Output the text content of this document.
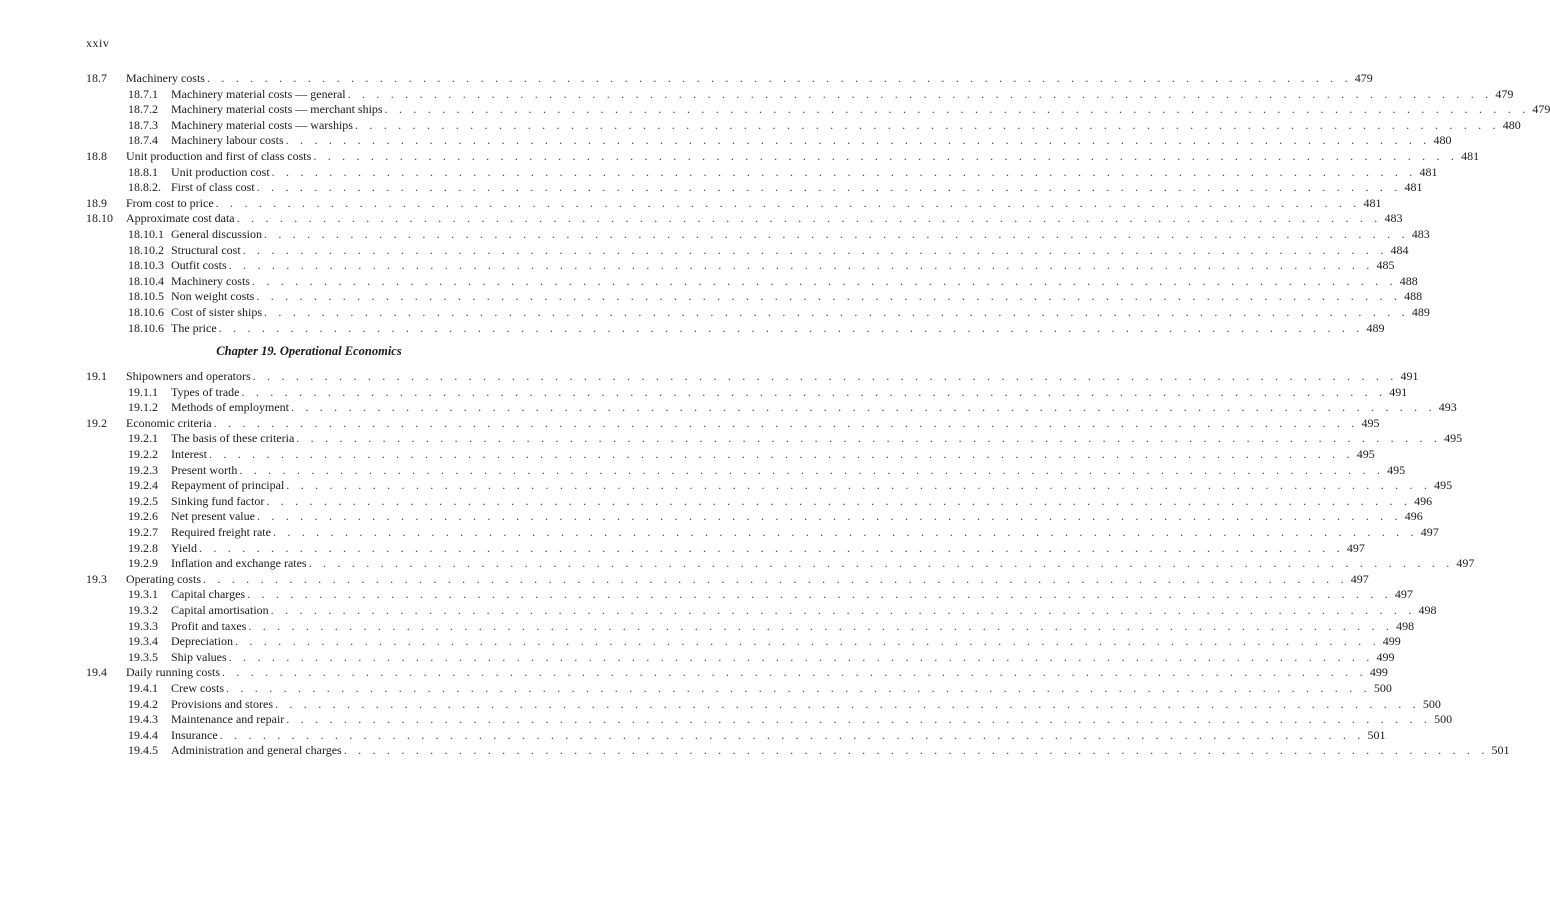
xxiv
18.7 Machinery costs . . . . . . . . . . . . . . . . . . . . . . . . . . . . . . . . . . . . . . . . . . . . . . . . . . . . . . . . . . . . . . . . . . . . . . . . . . . . . . . . 479
18.7.1 Machinery material costs — general . . . . . . . . . . . . . . . . . . . . . . . . . . . . . . . . . . . . . . . . . . . . . . . . . . . . . . . . . . . . . . . . . . . . . . . . . . . . . . . . 479
18.7.2 Machinery material costs — merchant ships . . . . . . . . . . . . . . . . . . . . . . . . . . . . . . . . . . . . . . . . . . . . . . . . . . . . . . . . . . . . . . . . . . . . . . . . . . . . . . . . 479
18.7.3 Machinery material costs — warships . . . . . . . . . . . . . . . . . . . . . . . . . . . . . . . . . . . . . . . . . . . . . . . . . . . . . . . . . . . . . . . . . . . . . . . . . . . . . . . . 480
18.7.4 Machinery labour costs . . . . . . . . . . . . . . . . . . . . . . . . . . . . . . . . . . . . . . . . . . . . . . . . . . . . . . . . . . . . . . . . . . . . . . . . . . . . . . . . 480
18.8 Unit production and first of class costs . . . . . . . . . . . . . . . . . . . . . . . . . . . . . . . . . . . . . . . . . . . . . . . . . . . . . . . . . . . . . . . . . . . . . . . . . . . . . . . . 481
18.8.1 Unit production cost . . . . . . . . . . . . . . . . . . . . . . . . . . . . . . . . . . . . . . . . . . . . . . . . . . . . . . . . . . . . . . . . . . . . . . . . . . . . . . . . 481
18.8.2. First of class cost . . . . . . . . . . . . . . . . . . . . . . . . . . . . . . . . . . . . . . . . . . . . . . . . . . . . . . . . . . . . . . . . . . . . . . . . . . . . . . . . 481
18.9 From cost to price . . . . . . . . . . . . . . . . . . . . . . . . . . . . . . . . . . . . . . . . . . . . . . . . . . . . . . . . . . . . . . . . . . . . . . . . . . . . . . . . 481
18.10 Approximate cost data . . . . . . . . . . . . . . . . . . . . . . . . . . . . . . . . . . . . . . . . . . . . . . . . . . . . . . . . . . . . . . . . . . . . . . . . . . . . . . . . 483
18.10.1 General discussion . . . . . . . . . . . . . . . . . . . . . . . . . . . . . . . . . . . . . . . . . . . . . . . . . . . . . . . . . . . . . . . . . . . . . . . . . . . . . . . . 483
18.10.2 Structural cost . . . . . . . . . . . . . . . . . . . . . . . . . . . . . . . . . . . . . . . . . . . . . . . . . . . . . . . . . . . . . . . . . . . . . . . . . . . . . . . . 484
18.10.3 Outfit costs . . . . . . . . . . . . . . . . . . . . . . . . . . . . . . . . . . . . . . . . . . . . . . . . . . . . . . . . . . . . . . . . . . . . . . . . . . . . . . . . 485
18.10.4 Machinery costs . . . . . . . . . . . . . . . . . . . . . . . . . . . . . . . . . . . . . . . . . . . . . . . . . . . . . . . . . . . . . . . . . . . . . . . . . . . . . . . . 488
18.10.5 Non weight costs . . . . . . . . . . . . . . . . . . . . . . . . . . . . . . . . . . . . . . . . . . . . . . . . . . . . . . . . . . . . . . . . . . . . . . . . . . . . . . . . 488
18.10.6 Cost of sister ships . . . . . . . . . . . . . . . . . . . . . . . . . . . . . . . . . . . . . . . . . . . . . . . . . . . . . . . . . . . . . . . . . . . . . . . . . . . . . . . . 489
18.10.6 The price . . . . . . . . . . . . . . . . . . . . . . . . . . . . . . . . . . . . . . . . . . . . . . . . . . . . . . . . . . . . . . . . . . . . . . . . . . . . . . . . 489
Chapter 19. Operational Economics
19.1 Shipowners and operators . . . . . . . . . . . . . . . . . . . . . . . . . . . . . . . . . . . . . . . . . . . . . . . . . . . . . . . . . . . . . . . . . . . . . . . . . . . . . . . . 491
19.1.1 Types of trade . . . . . . . . . . . . . . . . . . . . . . . . . . . . . . . . . . . . . . . . . . . . . . . . . . . . . . . . . . . . . . . . . . . . . . . . . . . . . . . . 491
19.1.2 Methods of employment . . . . . . . . . . . . . . . . . . . . . . . . . . . . . . . . . . . . . . . . . . . . . . . . . . . . . . . . . . . . . . . . . . . . . . . . . . . . . . . . 493
19.2 Economic criteria . . . . . . . . . . . . . . . . . . . . . . . . . . . . . . . . . . . . . . . . . . . . . . . . . . . . . . . . . . . . . . . . . . . . . . . . . . . . . . . . 495
19.2.1 The basis of these criteria . . . . . . . . . . . . . . . . . . . . . . . . . . . . . . . . . . . . . . . . . . . . . . . . . . . . . . . . . . . . . . . . . . . . . . . . . . . . . . . . 495
19.2.2 Interest . . . . . . . . . . . . . . . . . . . . . . . . . . . . . . . . . . . . . . . . . . . . . . . . . . . . . . . . . . . . . . . . . . . . . . . . . . . . . . . . 495
19.2.3 Present worth . . . . . . . . . . . . . . . . . . . . . . . . . . . . . . . . . . . . . . . . . . . . . . . . . . . . . . . . . . . . . . . . . . . . . . . . . . . . . . . . 495
19.2.4 Repayment of principal . . . . . . . . . . . . . . . . . . . . . . . . . . . . . . . . . . . . . . . . . . . . . . . . . . . . . . . . . . . . . . . . . . . . . . . . . . . . . . . . 495
19.2.5 Sinking fund factor . . . . . . . . . . . . . . . . . . . . . . . . . . . . . . . . . . . . . . . . . . . . . . . . . . . . . . . . . . . . . . . . . . . . . . . . . . . . . . . . 496
19.2.6 Net present value . . . . . . . . . . . . . . . . . . . . . . . . . . . . . . . . . . . . . . . . . . . . . . . . . . . . . . . . . . . . . . . . . . . . . . . . . . . . . . . . 496
19.2.7 Required freight rate . . . . . . . . . . . . . . . . . . . . . . . . . . . . . . . . . . . . . . . . . . . . . . . . . . . . . . . . . . . . . . . . . . . . . . . . . . . . . . . . 497
19.2.8 Yield . . . . . . . . . . . . . . . . . . . . . . . . . . . . . . . . . . . . . . . . . . . . . . . . . . . . . . . . . . . . . . . . . . . . . . . . . . . . . . . . 497
19.2.9 Inflation and exchange rates . . . . . . . . . . . . . . . . . . . . . . . . . . . . . . . . . . . . . . . . . . . . . . . . . . . . . . . . . . . . . . . . . . . . . . . . . . . . . . . . 497
19.3 Operating costs . . . . . . . . . . . . . . . . . . . . . . . . . . . . . . . . . . . . . . . . . . . . . . . . . . . . . . . . . . . . . . . . . . . . . . . . . . . . . . . . 497
19.3.1 Capital charges . . . . . . . . . . . . . . . . . . . . . . . . . . . . . . . . . . . . . . . . . . . . . . . . . . . . . . . . . . . . . . . . . . . . . . . . . . . . . . . . 497
19.3.2 Capital amortisation . . . . . . . . . . . . . . . . . . . . . . . . . . . . . . . . . . . . . . . . . . . . . . . . . . . . . . . . . . . . . . . . . . . . . . . . . . . . . . . . 498
19.3.3 Profit and taxes . . . . . . . . . . . . . . . . . . . . . . . . . . . . . . . . . . . . . . . . . . . . . . . . . . . . . . . . . . . . . . . . . . . . . . . . . . . . . . . . 498
19.3.4 Depreciation . . . . . . . . . . . . . . . . . . . . . . . . . . . . . . . . . . . . . . . . . . . . . . . . . . . . . . . . . . . . . . . . . . . . . . . . . . . . . . . . 499
19.3.5 Ship values . . . . . . . . . . . . . . . . . . . . . . . . . . . . . . . . . . . . . . . . . . . . . . . . . . . . . . . . . . . . . . . . . . . . . . . . . . . . . . . . 499
19.4 Daily running costs . . . . . . . . . . . . . . . . . . . . . . . . . . . . . . . . . . . . . . . . . . . . . . . . . . . . . . . . . . . . . . . . . . . . . . . . . . . . . . . . 499
19.4.1 Crew costs . . . . . . . . . . . . . . . . . . . . . . . . . . . . . . . . . . . . . . . . . . . . . . . . . . . . . . . . . . . . . . . . . . . . . . . . . . . . . . . . 500
19.4.2 Provisions and stores . . . . . . . . . . . . . . . . . . . . . . . . . . . . . . . . . . . . . . . . . . . . . . . . . . . . . . . . . . . . . . . . . . . . . . . . . . . . . . . . 500
19.4.3 Maintenance and repair . . . . . . . . . . . . . . . . . . . . . . . . . . . . . . . . . . . . . . . . . . . . . . . . . . . . . . . . . . . . . . . . . . . . . . . . . . . . . . . . 500
19.4.4 Insurance . . . . . . . . . . . . . . . . . . . . . . . . . . . . . . . . . . . . . . . . . . . . . . . . . . . . . . . . . . . . . . . . . . . . . . . . . . . . . . . . 501
19.4.5 Administration and general charges . . . . . . . . . . . . . . . . . . . . . . . . . . . . . . . . . . . . . . . . . . . . . . . . . . . . . . . . . . . . . . . . . . . . . . . . . . . . . . . . 501
